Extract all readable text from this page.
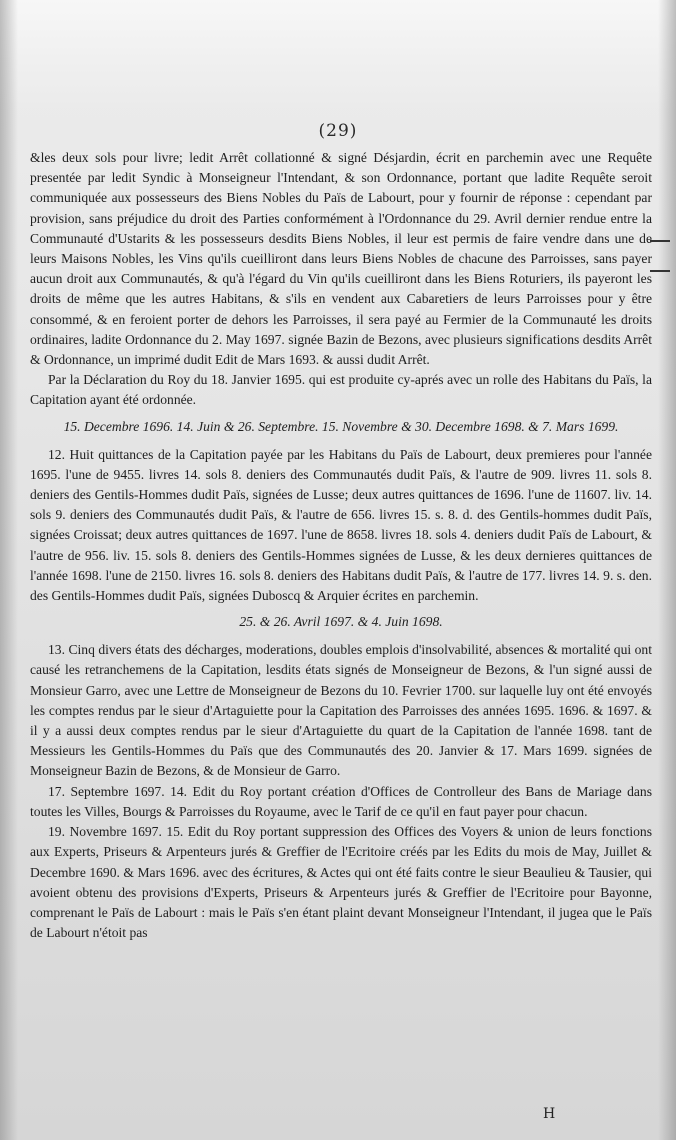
(29)

&les deux sols pour livre; ledit Arrêt collationné & signé Désjardin, écrit en parchemin avec une Requête presentée par ledit Syndic à Monseigneur l'Intendant, & son Ordonnance, portant que ladite Requête seroit communiquée aux possesseurs des Biens Nobles du Païs de Labourt, pour y fournir de réponse : cependant par provision, sans préjudice du droit des Parties conformément à l'Ordonnance du 29. Avril dernier rendue entre la Communauté d'Ustarits & les possesseurs desdits Biens Nobles, il leur est permis de faire vendre dans une de leurs Maisons Nobles, les Vins qu'ils cueilliront dans leurs Biens Nobles de chacune des Parroisses, sans payer aucun droit aux Communautés, & qu'à l'égard du Vin qu'ils cueilliront dans les Biens Roturiers, ils payeront les droits de même que les autres Habitans, & s'ils en vendent aux Cabaretiers de leurs Parroisses pour y être consommé, & en feroient porter de dehors les Parroisses, il sera payé au Fermier de la Communauté les droits ordinaires, ladite Ordonnance du 2. May 1697. signée Bazin de Bezons, avec plusieurs significations desdits Arrêt & Ordonnance, un imprimé dudit Edit de Mars 1693. & aussi dudit Arrêt.

Par la Déclaration du Roy du 18. Janvier 1695. qui est produite cy-aprés avec un rolle des Habitans du Païs, la Capitation ayant été ordonnée.

15. Decembre 1696. 14. Juin & 26. Septembre. 15. Novembre & 30. Decembre 1698. & 7. Mars 1699.

12. Huit quittances de la Capitation payée par les Habitans du Païs de Labourt, deux premieres pour l'année 1695. l'une de 9455. livres 14. sols 8. deniers des Communautés dudit Païs, & l'autre de 909. livres 11. sols 8. deniers des Gentils-Hommes dudit Païs, signées de Lusse; deux autres quittances de 1696. l'une de 11607. liv. 14. sols 9. deniers des Communautés dudit Païs, & l'autre de 656. livres 15. s. 8. d. des Gentils-hommes dudit Païs, signées Croissat; deux autres quittances de 1697. l'une de 8658. livres 18. sols 4. deniers dudit Païs de Labourt, & l'autre de 956. liv. 15. sols 8. deniers des Gentils-Hommes signées de Lusse, & les deux dernieres quittances de l'année 1698. l'une de 2150. livres 16. sols 8. deniers des Habitans dudit Païs, & l'autre de 177. livres 14. 9. s. den. des Gentils-Hommes dudit Païs, signées Duboscq & Arquier écrites en parchemin.

25. & 26. Avril 1697. & 4. Juin 1698.

13. Cinq divers états des décharges, moderations, doubles emplois d'insolvabilité, absences & mortalité qui ont causé les retranchemens de la Capitation, lesdits états signés de Monseigneur de Bezons, & l'un signé aussi de Monsieur Garro, avec une Lettre de Monseigneur de Bezons du 10. Fevrier 1700. sur laquelle luy ont été envoyés les comptes rendus par le sieur d'Artaguiette pour la Capitation des Parroisses des années 1695. 1696. & 1697. & il y a aussi deux comptes rendus par le sieur d'Artaguiette du quart de la Capitation de l'année 1698. tant de Messieurs les Gentils-Hommes du Païs que des Communautés des 20. Janvier & 17. Mars 1699. signées de Monseigneur Bazin de Bezons, & de Monsieur de Garro.

17. Septembre 1697. 14. Edit du Roy portant création d'Offices de Controlleur des Bans de Mariage dans toutes les Villes, Bourgs & Parroisses du Royaume, avec le Tarif de ce qu'il en faut payer pour chacun.

19. Novembre 1697. 15. Edit du Roy portant suppression des Offices des Voyers & union de leurs fonctions aux Experts, Priseurs & Arpenteurs jurés & Greffier de l'Ecritoire créés par les Edits du mois de May, Juillet & Decembre 1690. & Mars 1696. avec des écritures, & Actes qui ont été faits contre le sieur Beaulieu & Tausier, qui avoient obtenu des provisions d'Experts, Priseurs & Arpenteurs jurés & Greffier de l'Ecritoire pour Bayonne, comprenant le Païs de Labourt : mais le Païs s'en étant plaint devant Monseigneur l'Intendant, il jugea que le Païs de Labourt n'étoit pas

H
